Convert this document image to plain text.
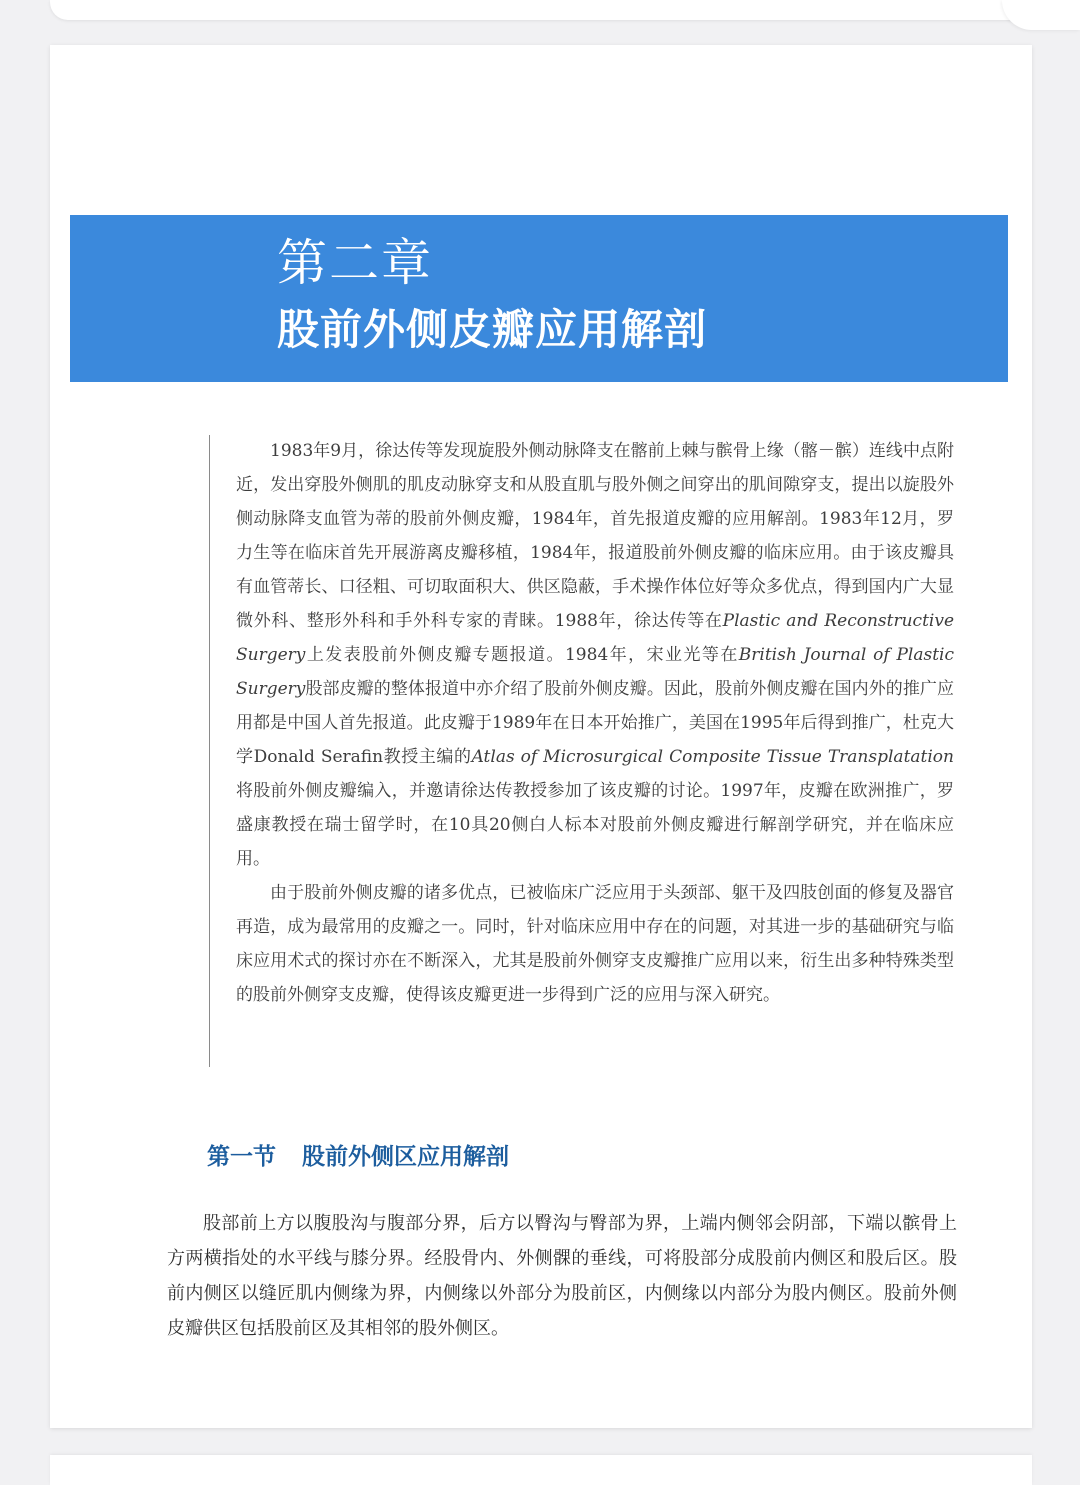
第二章
股前外侧皮瓣应用解剖

1983年9月，徐达传等发现旋股外侧动脉降支在髂前上棘与髌骨上缘（髂－髌）连线中点附近，发出穿股外侧肌的肌皮动脉穿支和从股直肌与股外侧之间穿出的肌间隙穿支，提出以旋股外侧动脉降支血管为蒂的股前外侧皮瓣，1984年，首先报道皮瓣的应用解剖。1983年12月，罗力生等在临床首先开展游离皮瓣移植，1984年，报道股前外侧皮瓣的临床应用。由于该皮瓣具有血管蒂长、口径粗、可切取面积大、供区隐蔽，手术操作体位好等众多优点，得到国内广大显微外科、整形外科和手外科专家的青睐。1988年，徐达传等在Plastic and Reconstructive Surgery上发表股前外侧皮瓣专题报道。1984年，宋业光等在British Journal of Plastic Surgery股部皮瓣的整体报道中亦介绍了股前外侧皮瓣。因此，股前外侧皮瓣在国内外的推广应用都是中国人首先报道。此皮瓣于1989年在日本开始推广，美国在1995年后得到推广，杜克大学Donald Serafin教授主编的Atlas of Microsurgical Composite Tissue Transplatation将股前外侧皮瓣编入，并邀请徐达传教授参加了该皮瓣的讨论。1997年，皮瓣在欧洲推广，罗盛康教授在瑞士留学时，在10具20侧白人标本对股前外侧皮瓣进行解剖学研究，并在临床应用。

由于股前外侧皮瓣的诸多优点，已被临床广泛应用于头颈部、躯干及四肢创面的修复及器官再造，成为最常用的皮瓣之一。同时，针对临床应用中存在的问题，对其进一步的基础研究与临床应用术式的探讨亦在不断深入，尤其是股前外侧穿支皮瓣推广应用以来，衍生出多种特殊类型的股前外侧穿支皮瓣，使得该皮瓣更进一步得到广泛的应用与深入研究。

第一节 股前外侧区应用解剖

股部前上方以腹股沟与腹部分界，后方以臀沟与臀部为界，上端内侧邻会阴部，下端以髌骨上方两横指处的水平线与膝分界。经股骨内、外侧髁的垂线，可将股部分成股前内侧区和股后区。股前内侧区以缝匠肌内侧缘为界，内侧缘以外部分为股前区，内侧缘以内部分为股内侧区。股前外侧皮瓣供区包括股前区及其相邻的股外侧区。
